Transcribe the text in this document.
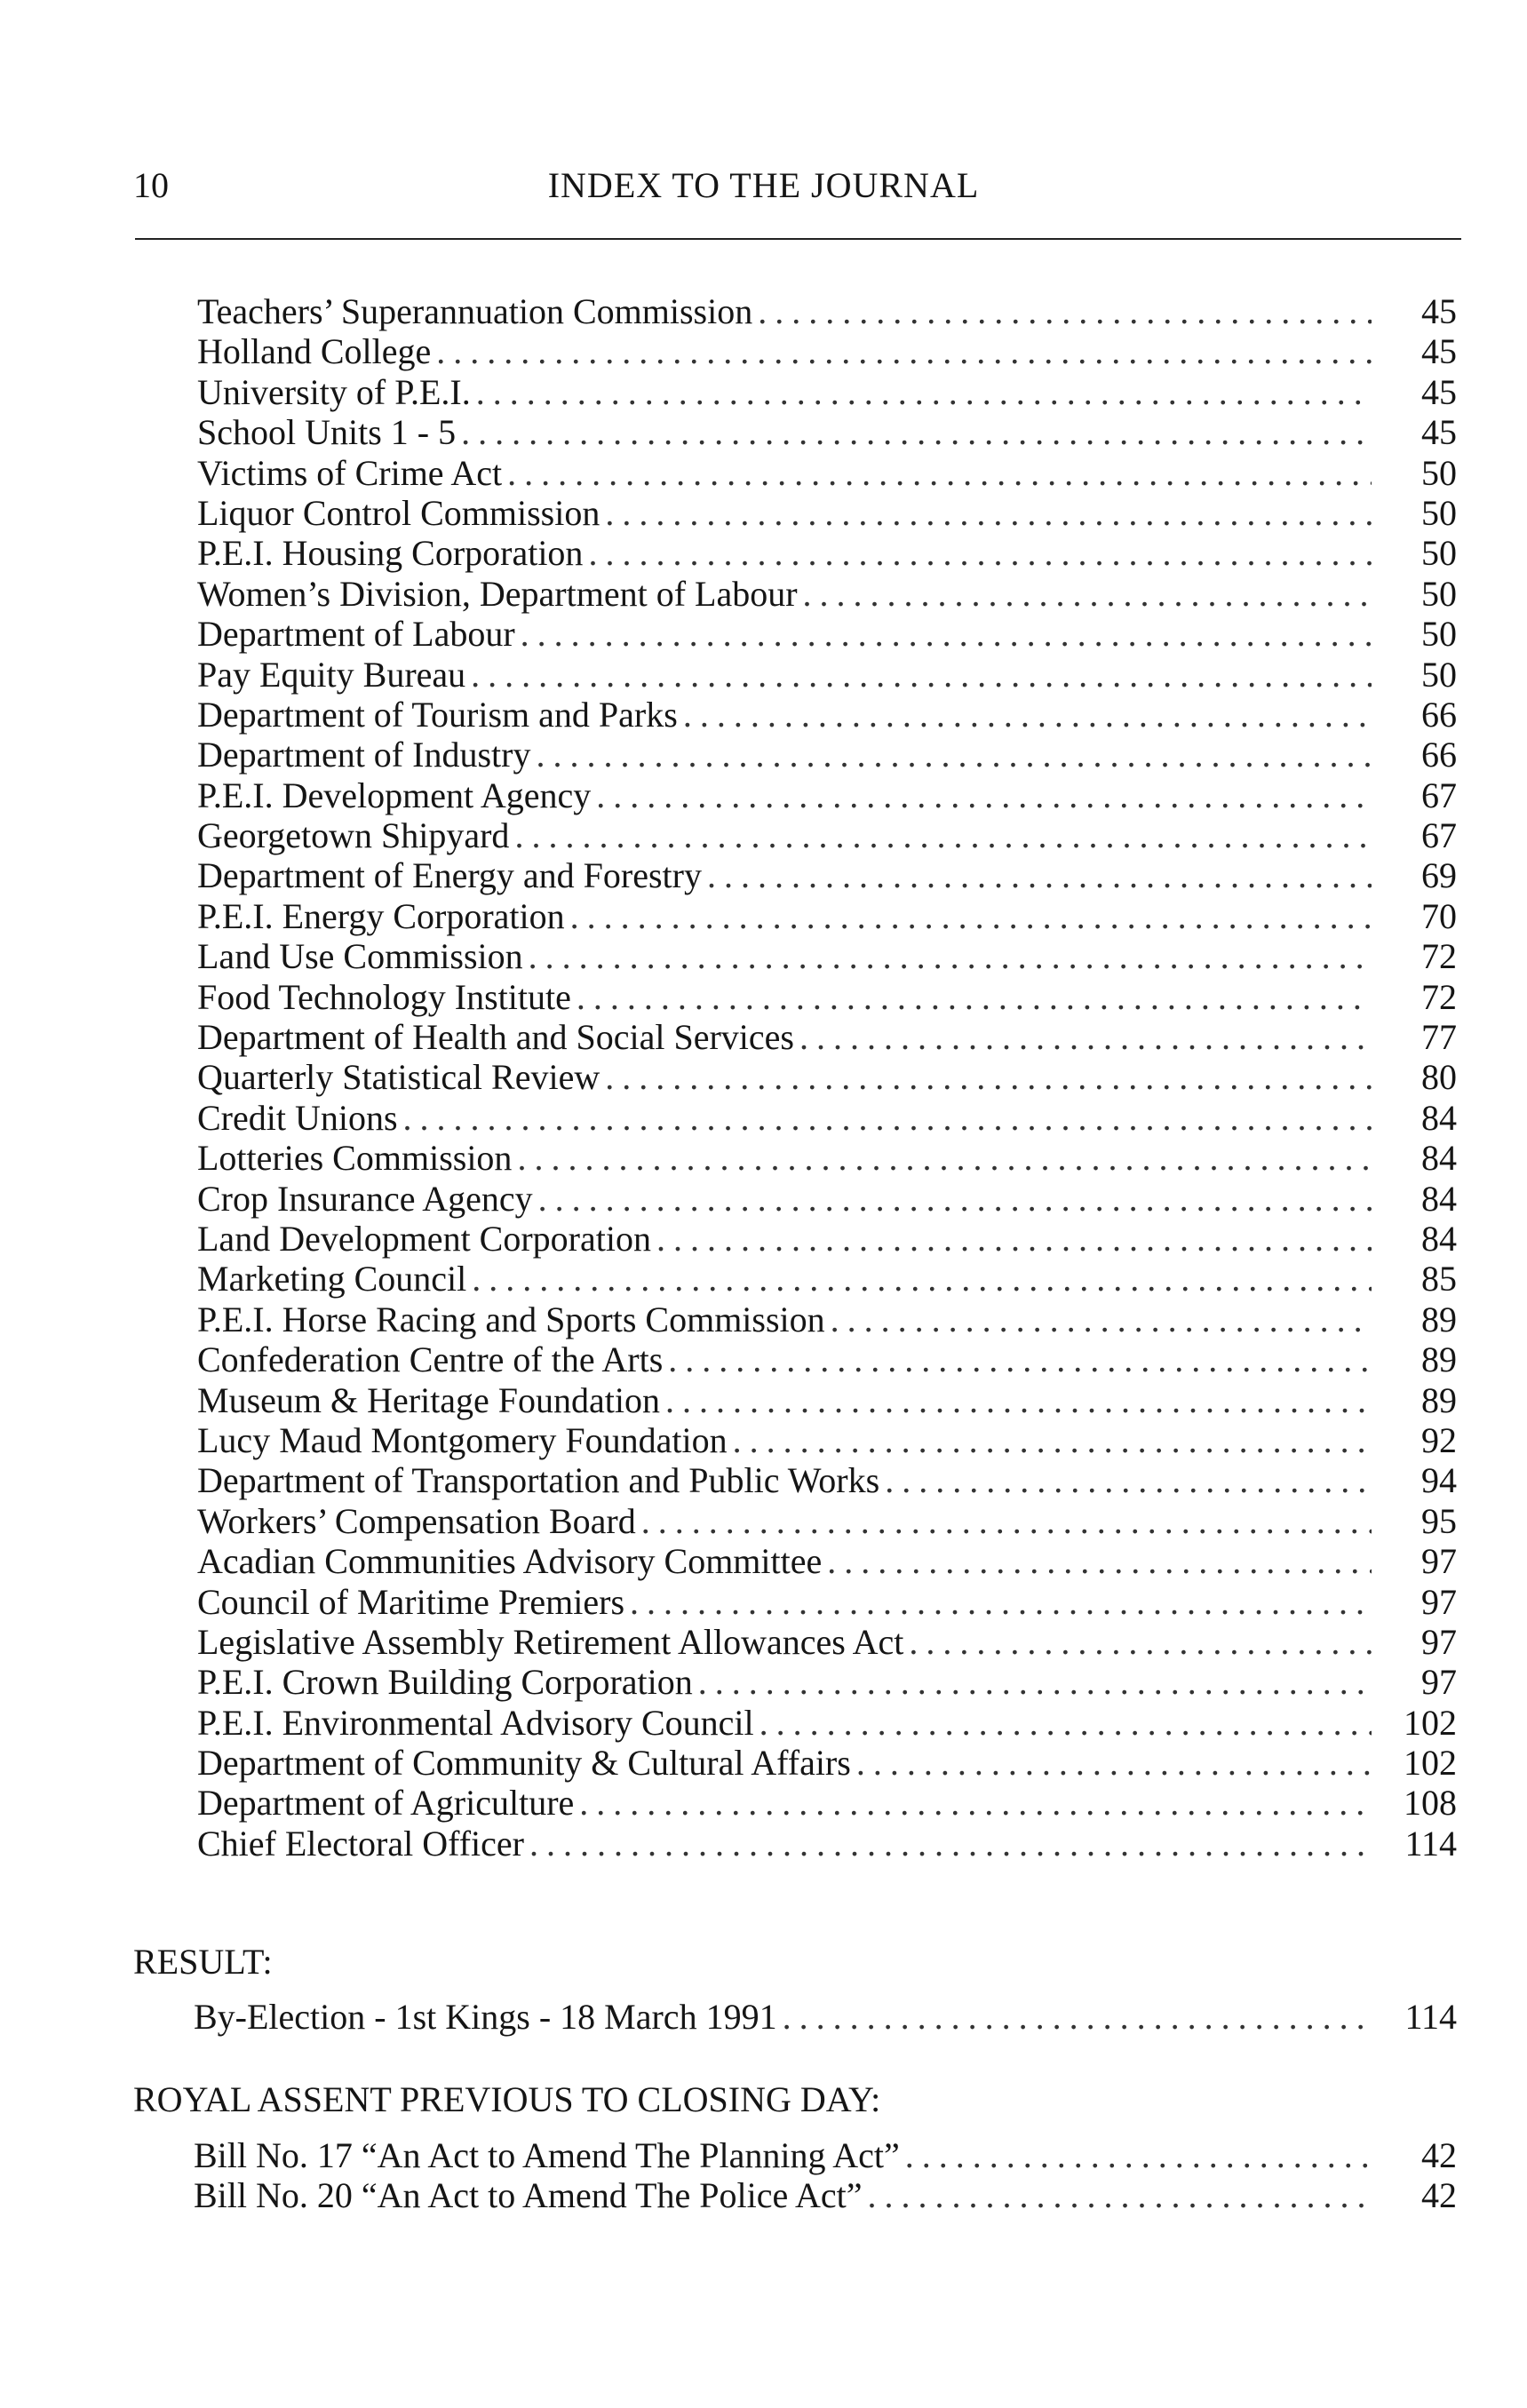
10	INDEX TO THE JOURNAL
Teachers’ Superannuation Commission .....	45
Holland College .....	45
University of P.E.I. .....	45
School Units 1 - 5 .....	45
Victims of Crime Act .....	50
Liquor Control Commission .....	50
P.E.I. Housing Corporation .....	50
Women’s Division, Department of Labour .....	50
Department of Labour .....	50
Pay Equity Bureau .....	50
Department of Tourism and Parks .....	66
Department of Industry .....	66
P.E.I. Development Agency .....	67
Georgetown Shipyard .....	67
Department of Energy and Forestry .....	69
P.E.I. Energy Corporation .....	70
Land Use Commission .....	72
Food Technology Institute .....	72
Department of Health and Social Services .....	77
Quarterly Statistical Review .....	80
Credit Unions .....	84
Lotteries Commission .....	84
Crop Insurance Agency .....	84
Land Development Corporation .....	84
Marketing Council .....	85
P.E.I. Horse Racing and Sports Commission .....	89
Confederation Centre of the Arts .....	89
Museum & Heritage Foundation .....	89
Lucy Maud Montgomery Foundation .....	92
Department of Transportation and Public Works .....	94
Workers’ Compensation Board .....	95
Acadian Communities Advisory Committee .....	97
Council of Maritime Premiers .....	97
Legislative Assembly Retirement Allowances Act .....	97
P.E.I. Crown Building Corporation .....	97
P.E.I. Environmental Advisory Council .....	102
Department of Community & Cultural Affairs .....	102
Department of Agriculture .....	108
Chief Electoral Officer .....	114
RESULT:
By-Election - 1st Kings - 18 March 1991 .....	114
ROYAL ASSENT PREVIOUS TO CLOSING DAY:
Bill No. 17 “An Act to Amend The Planning Act” .....	42
Bill No. 20 “An Act to Amend The Police Act” .....	42
